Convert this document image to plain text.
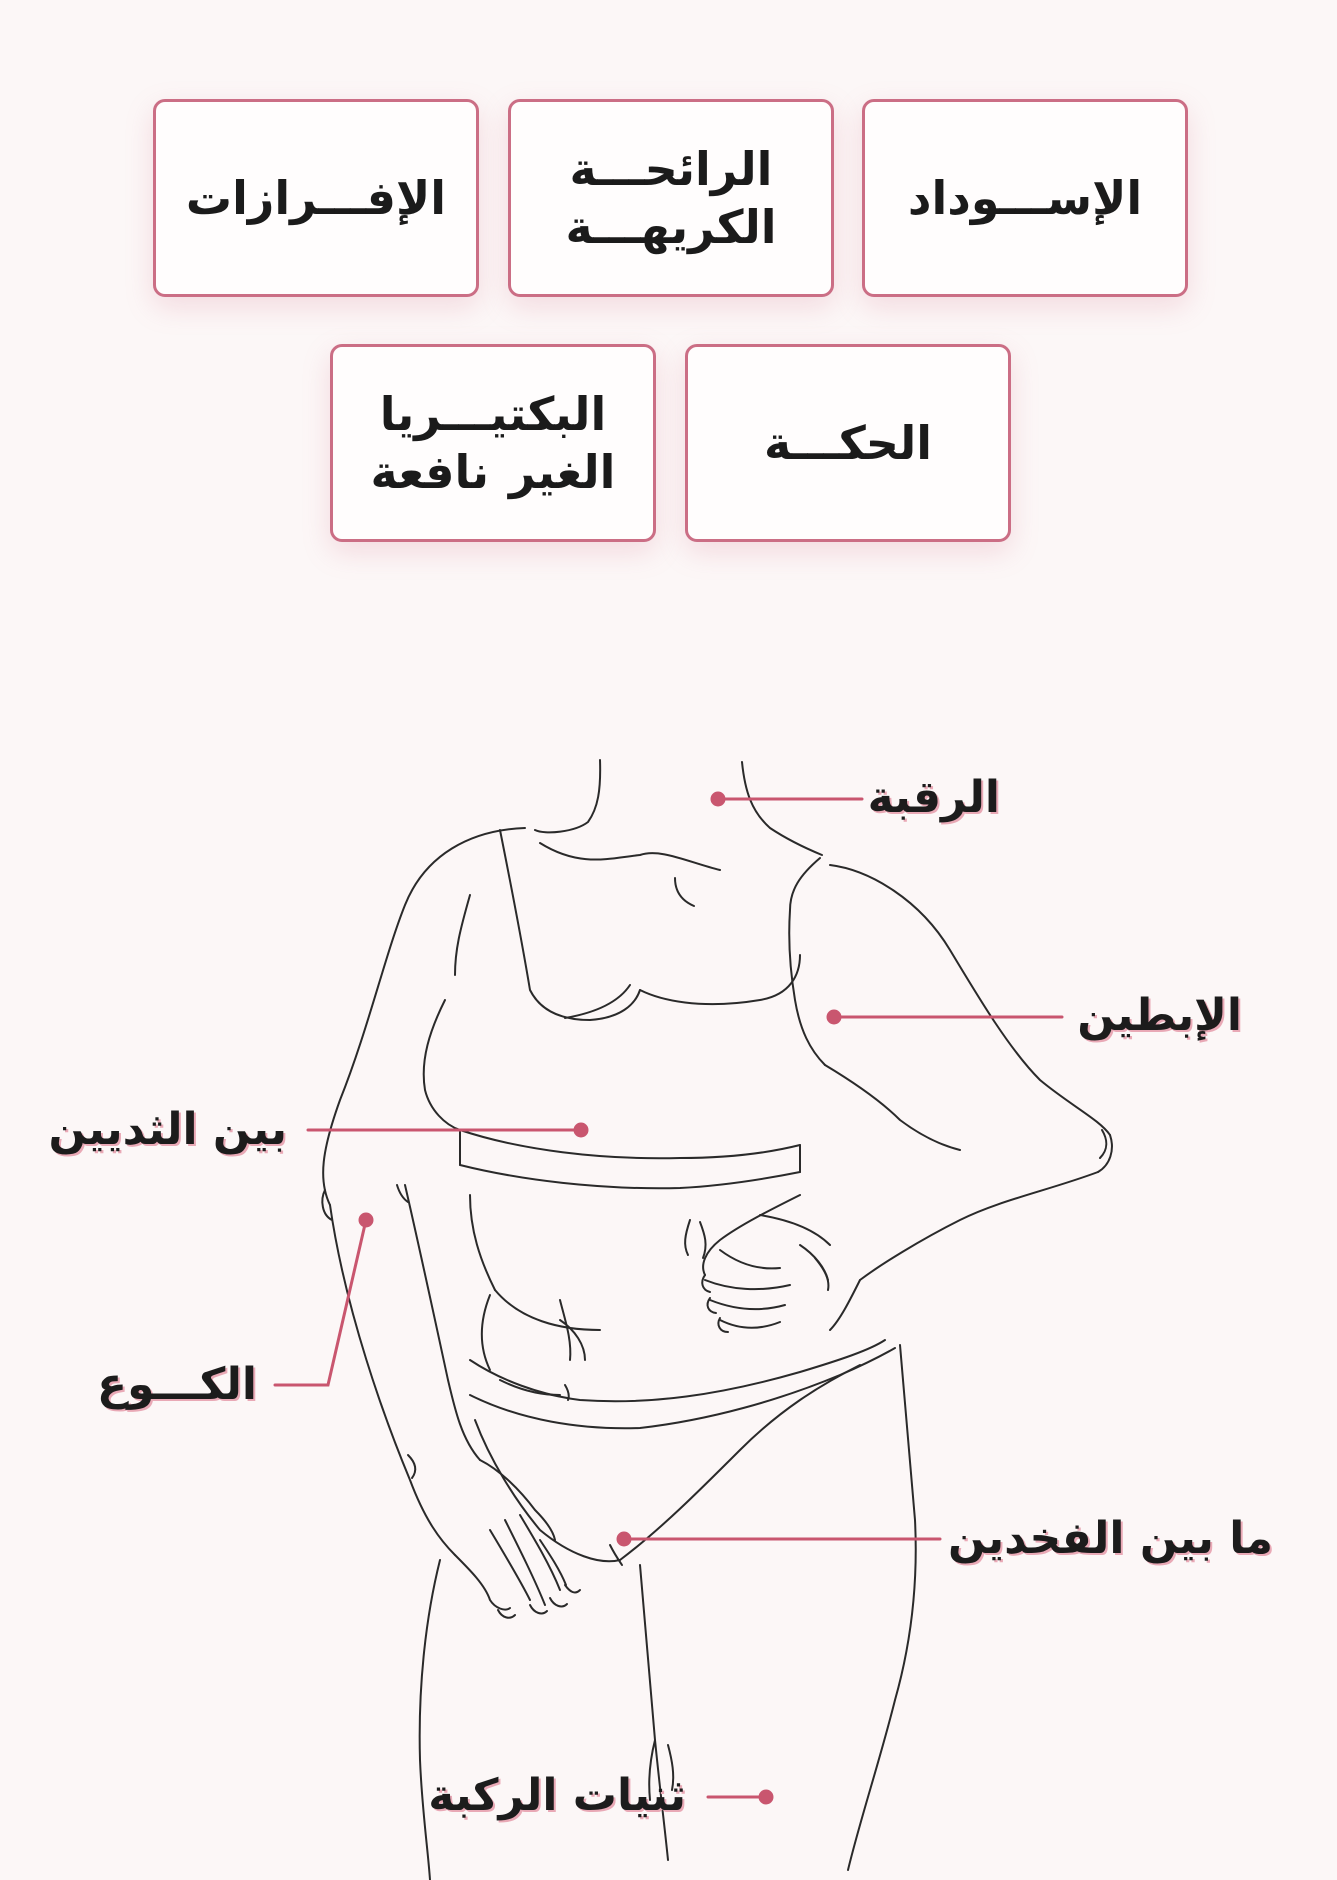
الإفـــرازات
الرائحـــة الكريهـــة
الإســـوداد
البكتيـــريا الغير نافعة
الحكـــة
الرقبة
الإبطين
بين الثديين
الكـــوع
ما بين الفخدين
ثنيات الركبة
